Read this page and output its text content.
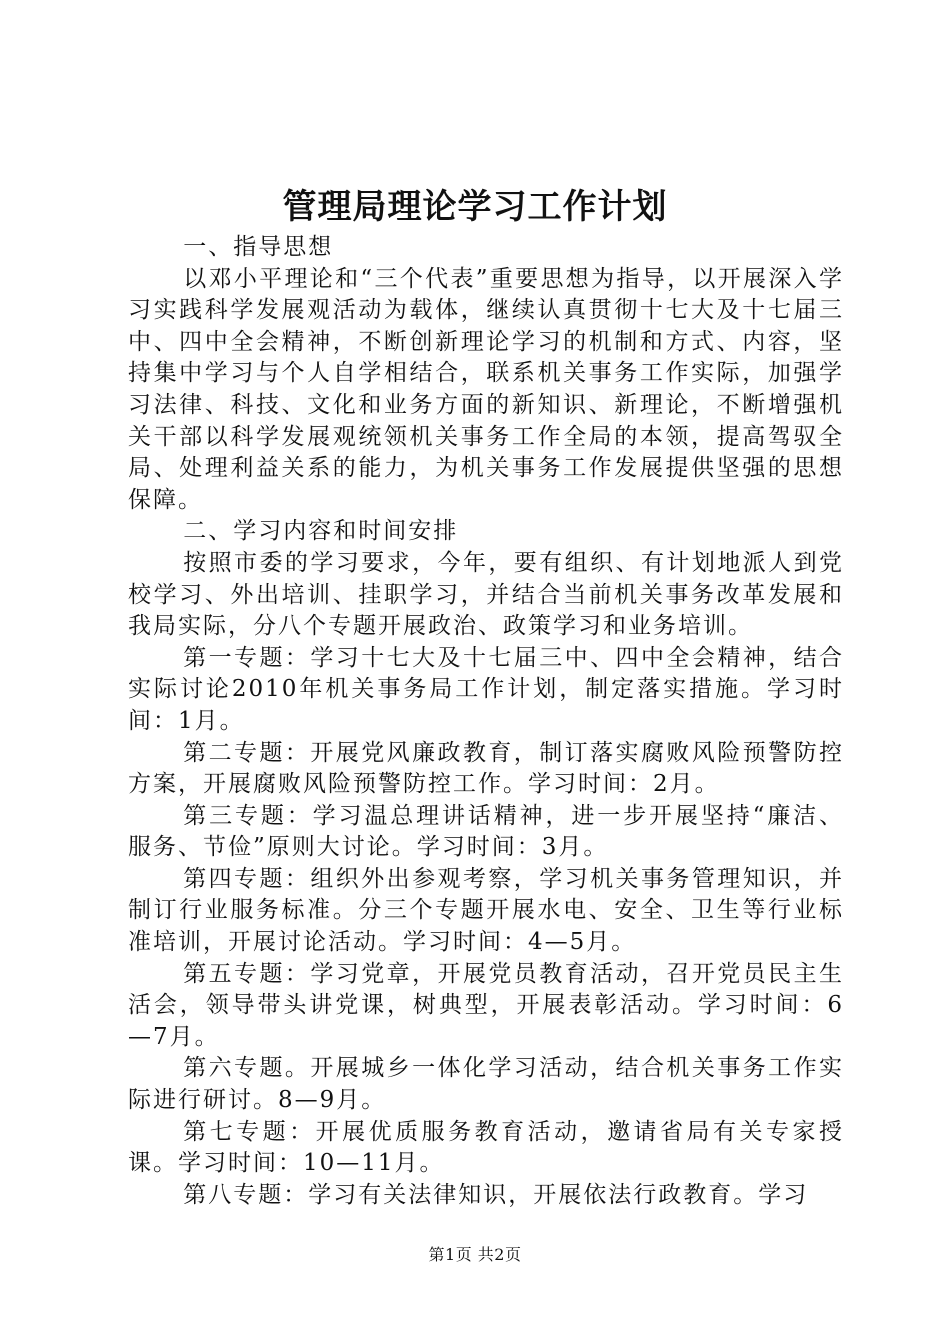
管理局理论学习工作计划

一、指导思想

以邓小平理论和“三个代表”重要思想为指导，以开展深入学习实践科学发展观活动为载体，继续认真贯彻十七大及十七届三中、四中全会精神，不断创新理论学习的机制和方式、内容，坚持集中学习与个人自学相结合，联系机关事务工作实际，加强学习法律、科技、文化和业务方面的新知识、新理论，不断增强机关干部以科学发展观统领机关事务工作全局的本领，提高驾驭全局、处理利益关系的能力，为机关事务工作发展提供坚强的思想保障。

二、学习内容和时间安排

按照市委的学习要求，今年，要有组织、有计划地派人到党校学习、外出培训、挂职学习，并结合当前机关事务改革发展和我局实际，分八个专题开展政治、政策学习和业务培训。

第一专题：学习十七大及十七届三中、四中全会精神，结合实际讨论2010年机关事务局工作计划，制定落实措施。学习时间：1月。

第二专题：开展党风廉政教育，制订落实腐败风险预警防控方案，开展腐败风险预警防控工作。学习时间：2月。

第三专题：学习温总理讲话精神，进一步开展坚持“廉洁、服务、节俭”原则大讨论。学习时间：3月。

第四专题：组织外出参观考察，学习机关事务管理知识，并制订行业服务标准。分三个专题开展水电、安全、卫生等行业标准培训，开展讨论活动。学习时间：4—5月。

第五专题：学习党章，开展党员教育活动，召开党员民主生活会，领导带头讲党课，树典型，开展表彰活动。学习时间：6—7月。

第六专题。开展城乡一体化学习活动，结合机关事务工作实际进行研讨。8—9月。

第七专题：开展优质服务教育活动，邀请省局有关专家授课。学习时间：10—11月。

第八专题：学习有关法律知识，开展依法行政教育。学习

第1页 共2页
